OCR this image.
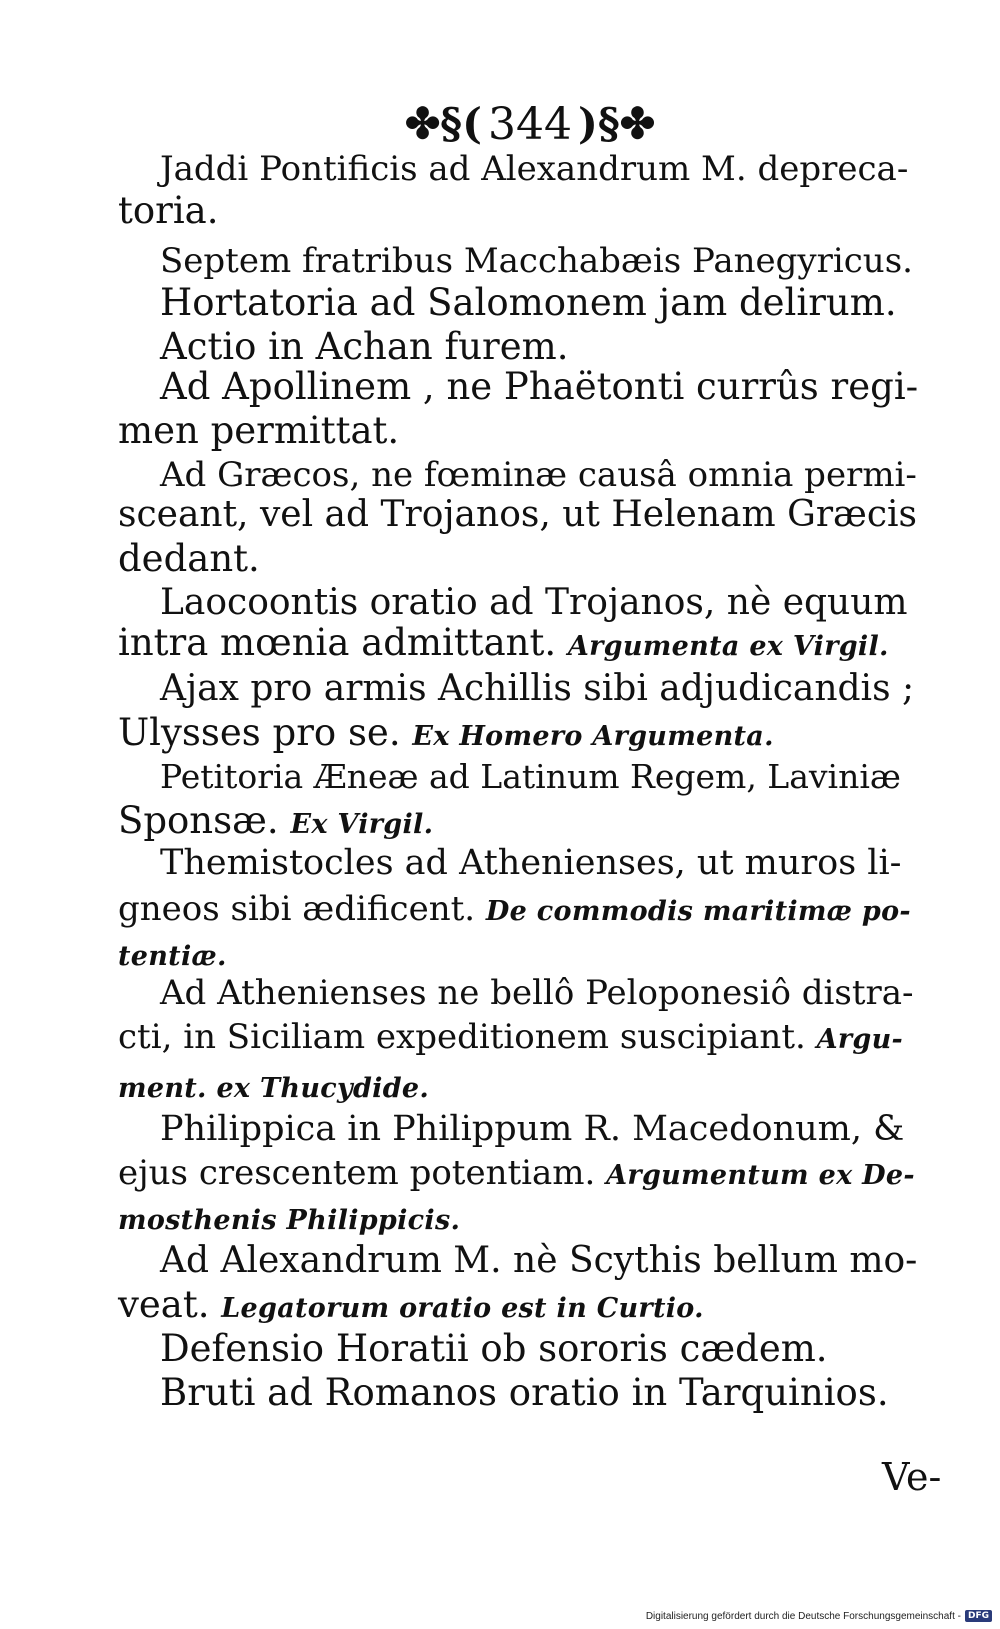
✤§( 344 )§✤
Jaddi Pontificis ad Alexandrum M. depreca-
toria.
Septem fratribus Macchabæis Panegyricus.
Hortatoria ad Salomonem jam delirum.
Actio in Achan furem.
Ad Apollinem , ne Phaëtonti currûs regi-
men permittat.
Ad Græcos, ne fœminæ causâ omnia permi-
sceant, vel ad Trojanos, ut Helenam Græcis
dedant.
Laocoontis oratio ad Trojanos, nè equum
intra mœnia admittant. Argumenta ex Virgil.
Ajax pro armis Achillis sibi adjudicandis ;
Ulysses pro se. Ex Homero Argumenta.
Petitoria Æneæ ad Latinum Regem, Laviniæ
Sponsæ. Ex Virgil.
Themistocles ad Athenienses, ut muros li-
gneos sibi ædificent. De commodis maritimæ po-
tentiæ.
Ad Athenienses ne bellô Peloponesiô distra-
cti, in Siciliam expeditionem suscipiant. Argu-
ment. ex Thucydide.
Philippica in Philippum R. Macedonum, &
ejus crescentem potentiam. Argumentum ex De-
mosthenis Philippicis.
Ad Alexandrum M. nè Scythis bellum mo-
veat. Legatorum oratio est in Curtio.
Defensio Horatii ob sororis cædem.
Bruti ad Romanos oratio in Tarquinios.
Ve-
Digitalisierung gefördert durch die Deutsche Forschungsgemeinschaft - DFG
